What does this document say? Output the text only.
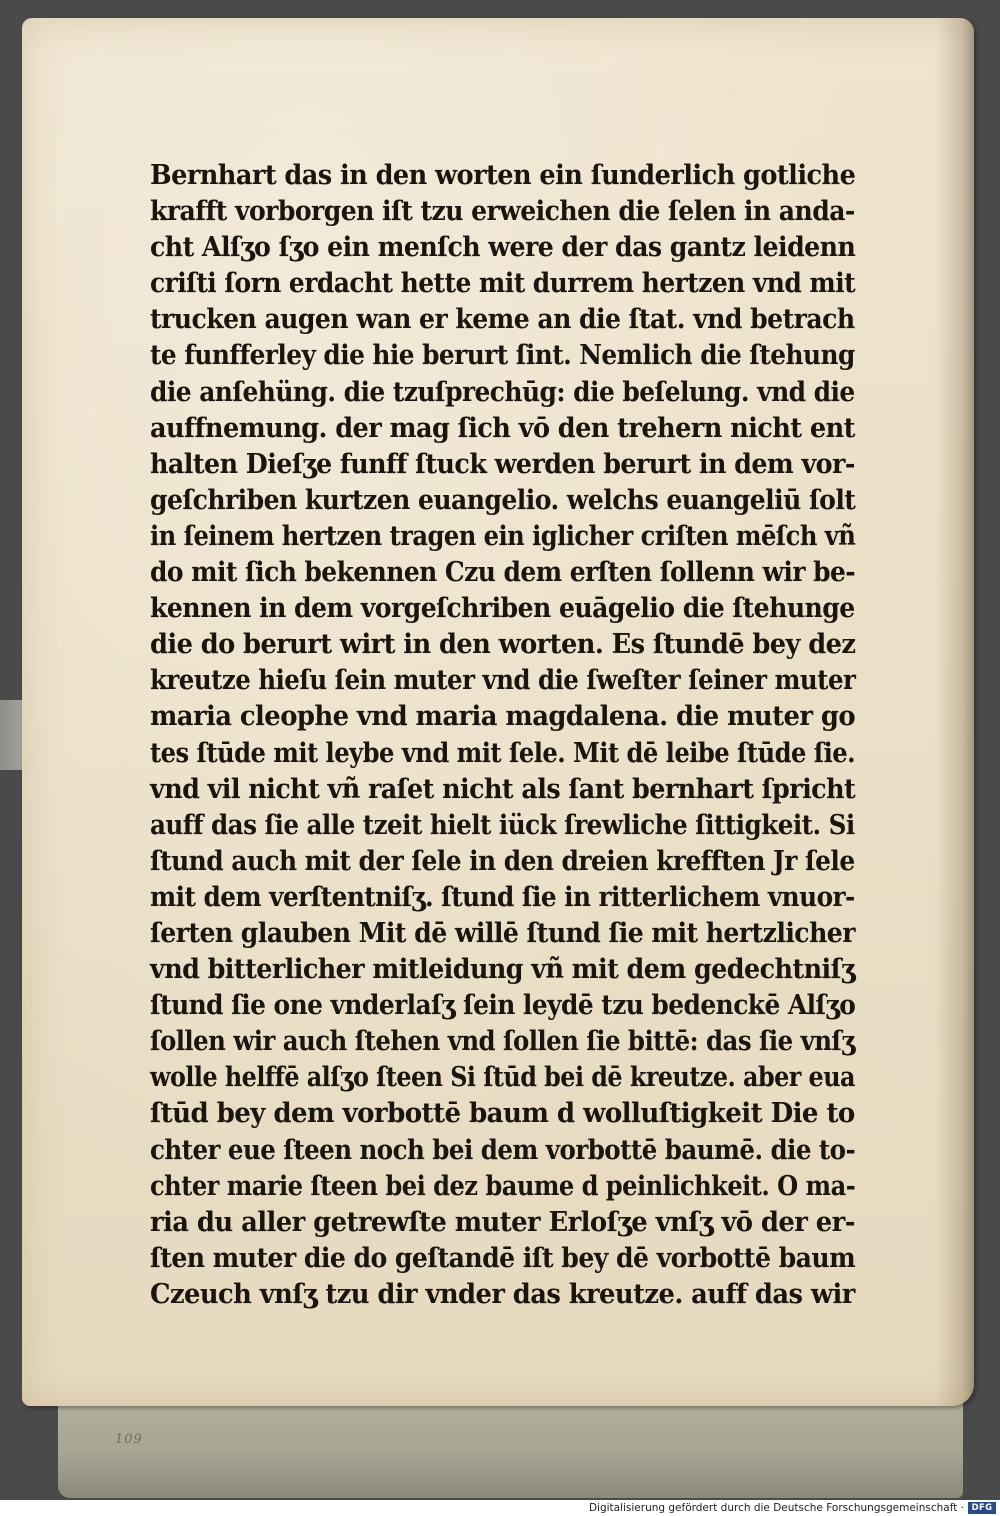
109
Bernhart das in den worten ein ſunderlich gotliche
krafft vorborgen iſt tzu erweichen die ſelen in anda-
cht Alſʒo ſʒo ein menſch were der das gantz leidenn
criſti ſorn erdacht hette mit durrem hertzen vnd mit
trucken augen wan er keme an die ſtat. vnd betrach
te funfferley die hie berurt ſint. Nemlich die ſtehung
die anſehüng. die tzuſprechūg: die beſelung. vnd die
auffnemung. der mag ſich vō den trehern nicht ent
halten Dieſʒe funff ſtuck werden berurt in dem vor-
geſchriben kurtzen euangelio. welchs euangeliū ſolt
in ſeinem hertzen tragen ein iglicher criſten mēſch vñ
do mit ſich bekennen Czu dem erſten ſollenn wir be-
kennen in dem vorgeſchriben euāgelio die ſtehunge
die do berurt wirt in den worten. Es ſtundē bey dez
kreutze hieſu ſein muter vnd die ſweſter ſeiner muter
maria cleophe vnd maria magdalena. die muter go
tes ſtūde mit leybe vnd mit ſele. Mit dē leibe ſtūde ſie.
vnd vil nicht vñ raſet nicht als ſant bernhart ſpricht
auff das ſie alle tzeit hielt iück ſrewliche ſittigkeit. Si
ſtund auch mit der ſele in den dreien krefften Jr ſele
mit dem verſtentniſʒ. ſtund ſie in ritterlichem vnuor-
ſerten glauben Mit dē willē ſtund ſie mit hertzlicher
vnd bitterlicher mitleidung vñ mit dem gedechtniſʒ
ſtund ſie one vnderlaſʒ ſein leydē tzu bedenckē Alſʒo
ſollen wir auch ſtehen vnd ſollen ſie bittē: das ſie vnſʒ
wolle helffē alſʒo ſteen Si ſtūd bei dē kreutze. aber eua
ſtūd bey dem vorbottē baum d wolluſtigkeit Die to
chter eue ſteen noch bei dem vorbottē baumē. die to-
chter marie ſteen bei dez baume d peinlichkeit. O ma-
ria du aller getrewſte muter Erloſʒe vnſʒ vō der er-
ſten muter die do geſtandē iſt bey dē vorbottē baum
Czeuch vnſʒ tzu dir vnder das kreutze. auff das wir
Digitalisierung gefördert durch die Deutsche Forschungsgemeinschaft · DFG
